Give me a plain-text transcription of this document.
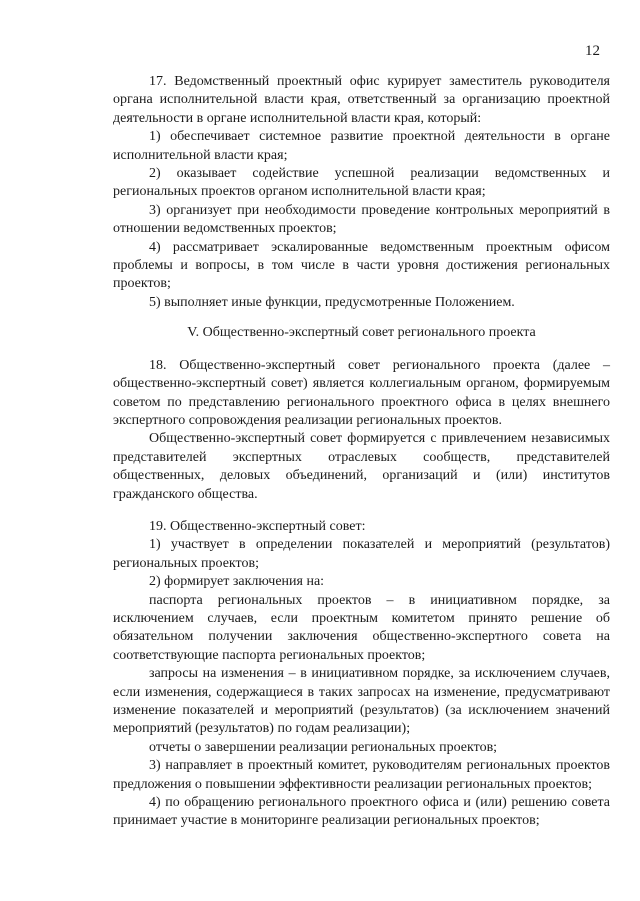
12

17. Ведомственный проектный офис курирует заместитель руководителя органа исполнительной власти края, ответственный за организацию проектной деятельности в органе исполнительной власти края, который:

1) обеспечивает системное развитие проектной деятельности в органе исполнительной власти края;

2) оказывает содействие успешной реализации ведомственных и региональных проектов органом исполнительной власти края;

3) организует при необходимости проведение контрольных мероприятий в отношении ведомственных проектов;

4) рассматривает эскалированные ведомственным проектным офисом проблемы и вопросы, в том числе в части уровня достижения региональных проектов;

5) выполняет иные функции, предусмотренные Положением.

V. Общественно-экспертный совет регионального проекта

18. Общественно-экспертный совет регионального проекта (далее – общественно-экспертный совет) является коллегиальным органом, формируемым советом по представлению регионального проектного офиса в целях внешнего экспертного сопровождения реализации региональных проектов.

Общественно-экспертный совет формируется с привлечением независимых представителей экспертных отраслевых сообществ, представителей общественных, деловых объединений, организаций и (или) институтов гражданского общества.

19. Общественно-экспертный совет:

1) участвует в определении показателей и мероприятий (результатов) региональных проектов;

2) формирует заключения на:

паспорта региональных проектов – в инициативном порядке, за исключением случаев, если проектным комитетом принято решение об обязательном получении заключения общественно-экспертного совета на соответствующие паспорта региональных проектов;

запросы на изменения – в инициативном порядке, за исключением случаев, если изменения, содержащиеся в таких запросах на изменение, предусматривают изменение показателей и мероприятий (результатов) (за исключением значений мероприятий (результатов) по годам реализации);

отчеты о завершении реализации региональных проектов;

3) направляет в проектный комитет, руководителям региональных проектов предложения о повышении эффективности реализации региональных проектов;

4) по обращению регионального проектного офиса и (или) решению совета принимает участие в мониторинге реализации региональных проектов;
